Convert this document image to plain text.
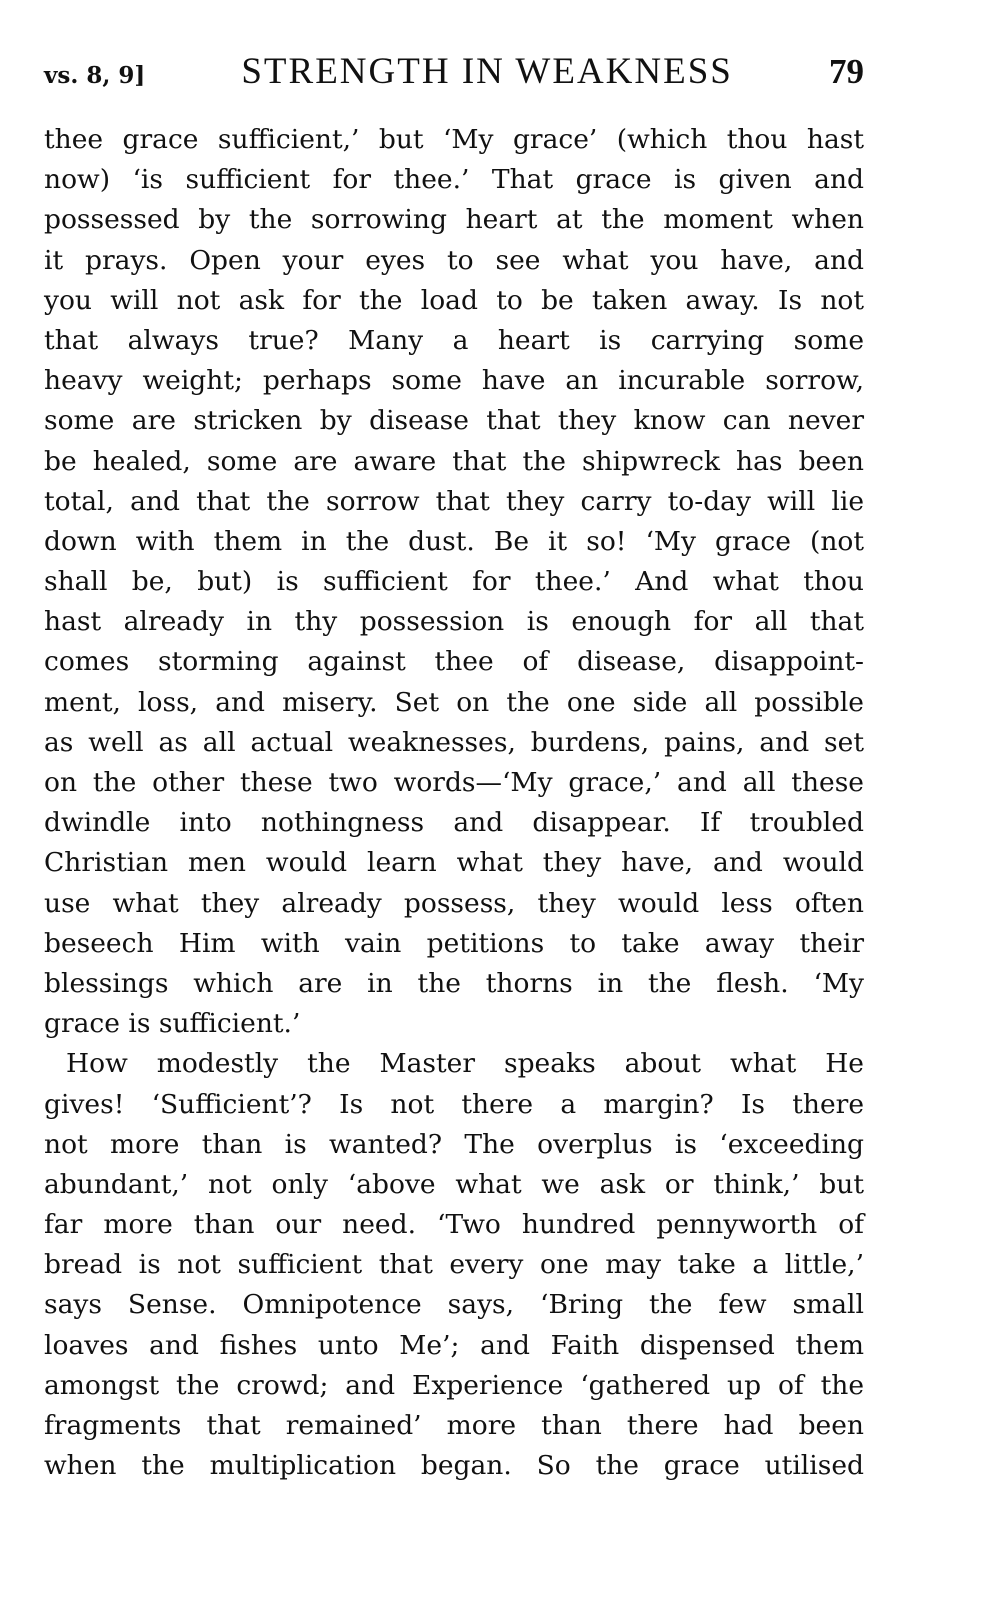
vs. 8, 9]	STRENGTH IN WEAKNESS	79
thee grace sufficient,’ but ‘My grace’ (which thou hast
now) ‘is sufficient for thee.’ That grace is given and
possessed by the sorrowing heart at the moment when
it prays. Open your eyes to see what you have, and
you will not ask for the load to be taken away. Is not
that always true? Many a heart is carrying some
heavy weight; perhaps some have an incurable sorrow,
some are stricken by disease that they know can never
be healed, some are aware that the shipwreck has been
total, and that the sorrow that they carry to-day will lie
down with them in the dust. Be it so! ‘My grace (not
shall be, but) is sufficient for thee.’ And what thou
hast already in thy possession is enough for all that
comes storming against thee of disease, disappoint-
ment, loss, and misery. Set on the one side all possible
as well as all actual weaknesses, burdens, pains, and set
on the other these two words—‘My grace,’ and all these
dwindle into nothingness and disappear. If troubled
Christian men would learn what they have, and would
use what they already possess, they would less often
beseech Him with vain petitions to take away their
blessings which are in the thorns in the flesh. ‘My
grace is sufficient.’
How modestly the Master speaks about what He
gives! ‘Sufficient’? Is not there a margin? Is there
not more than is wanted? The overplus is ‘exceeding
abundant,’ not only ‘above what we ask or think,’ but
far more than our need. ‘Two hundred pennyworth of
bread is not sufficient that every one may take a little,’
says Sense. Omnipotence says, ‘Bring the few small
loaves and fishes unto Me’; and Faith dispensed them
amongst the crowd; and Experience ‘gathered up of the
fragments that remained’ more than there had been
when the multiplication began. So the grace utilised
